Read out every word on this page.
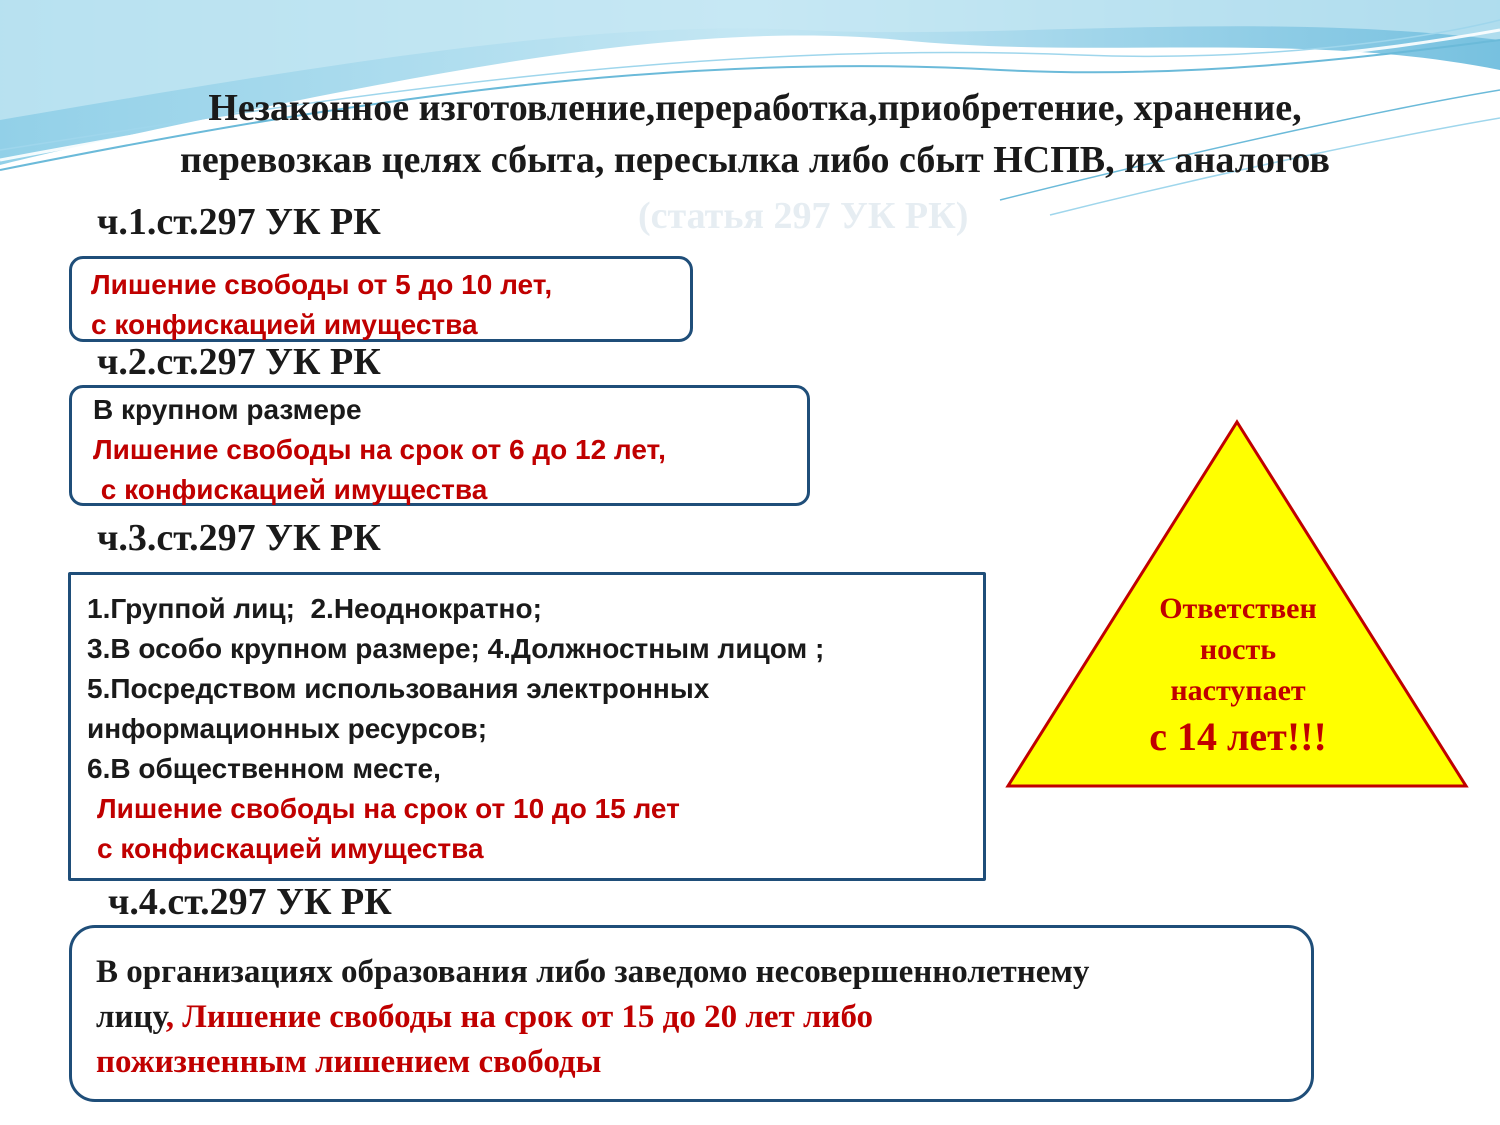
Незаконное изготовление,переработка,приобретение, хранение,
перевозкав целях сбыта, пересылка либо сбыт НСПВ, их аналогов
(статья 297 УК РК)
ч.1.ст.297 УК РК
Лишение свободы от 5 до 10 лет,
с конфискацией имущества
ч.2.ст.297 УК РК
В крупном размере
Лишение свободы на срок от 6 до 12 лет,
с конфискацией имущества
ч.3.ст.297 УК РК
1.Группой лиц;  2.Неоднократно;
3.В особо крупном размере; 4.Должностным лицом ;
5.Посредством использования электронных
информационных ресурсов;
6.В общественном месте,
Лишение свободы на срок от 10 до 15 лет
с конфискацией имущества
ч.4.ст.297 УК РК
В организациях образования либо заведомо несовершеннолетнему
лицу, Лишение свободы на срок от 15 до 20 лет либо
пожизненным лишением свободы
Ответствен
ность
наступает
с 14 лет!!!
